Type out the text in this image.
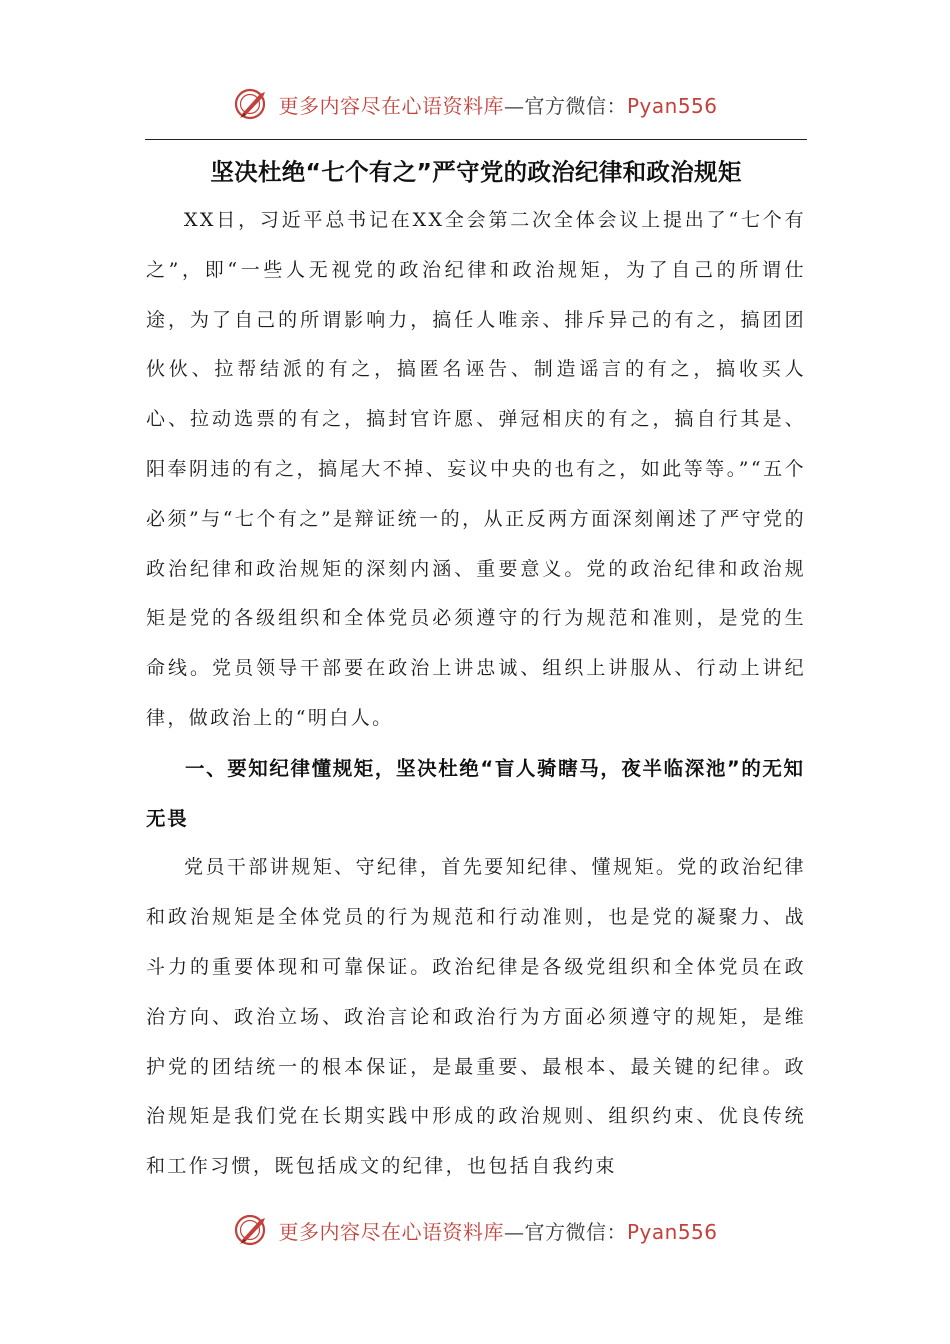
更多内容尽在心语资料库—官方微信：Pyan556
坚决杜绝“七个有之”严守党的政治纪律和政治规矩

XX日，习近平总书记在XX全会第二次全体会议上提出了“七个有之”，即“一些人无视党的政治纪律和政治规矩，为了自己的所谓仕途，为了自己的所谓影响力，搞任人唯亲、排斥异己的有之，搞团团伙伙、拉帮结派的有之，搞匿名诬告、制造谣言的有之，搞收买人心、拉动选票的有之，搞封官许愿、弹冠相庆的有之，搞自行其是、阳奉阴违的有之，搞尾大不掉、妄议中央的也有之，如此等等。”“五个必须”与“七个有之”是辩证统一的，从正反两方面深刻阐述了严守党的政治纪律和政治规矩的深刻内涵、重要意义。党的政治纪律和政治规矩是党的各级组织和全体党员必须遵守的行为规范和准则，是党的生命线。党员领导干部要在政治上讲忠诚、组织上讲服从、行动上讲纪律，做政治上的“明白人。

一、要知纪律懂规矩，坚决杜绝“盲人骑瞎马，夜半临深池”的无知无畏

党员干部讲规矩、守纪律，首先要知纪律、懂规矩。党的政治纪律和政治规矩是全体党员的行为规范和行动准则，也是党的凝聚力、战斗力的重要体现和可靠保证。政治纪律是各级党组织和全体党员在政治方向、政治立场、政治言论和政治行为方面必须遵守的规矩，是维护党的团结统一的根本保证，是最重要、最根本、最关键的纪律。政治规矩是我们党在长期实践中形成的政治规则、组织约束、优良传统和工作习惯，既包括成文的纪律，也包括自我约束

更多内容尽在心语资料库—官方微信：Pyan556
